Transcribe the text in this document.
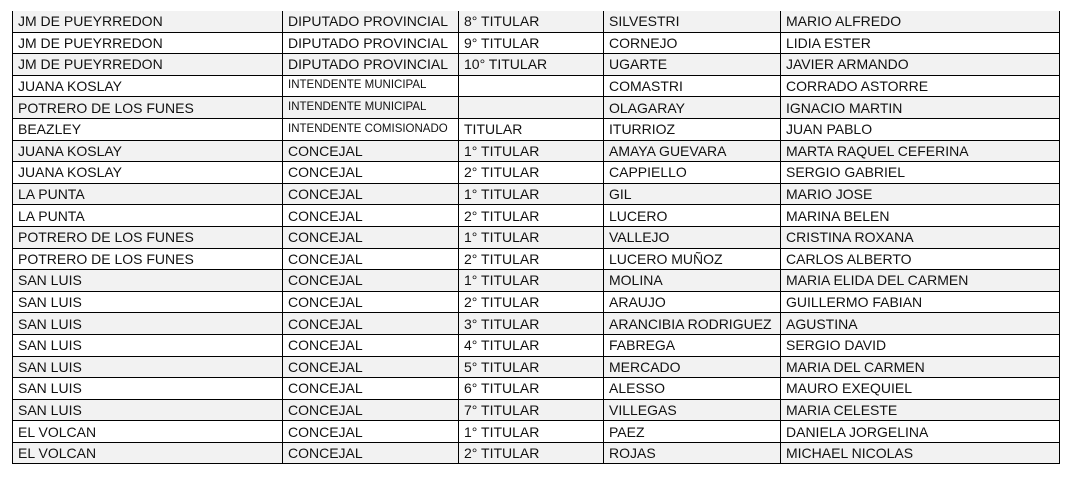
JM DE PUEYRREDON	DIPUTADO PROVINCIAL	8° TITULAR	SILVESTRI	MARIO ALFREDO
JM DE PUEYRREDON	DIPUTADO PROVINCIAL	9° TITULAR	CORNEJO	LIDIA ESTER
JM DE PUEYRREDON	DIPUTADO PROVINCIAL	10° TITULAR	UGARTE	JAVIER ARMANDO
JUANA KOSLAY	INTENDENTE MUNICIPAL		COMASTRI	CORRADO ASTORRE
POTRERO DE LOS FUNES	INTENDENTE MUNICIPAL		OLAGARAY	IGNACIO MARTIN
BEAZLEY	INTENDENTE COMISIONADO	TITULAR	ITURRIOZ	JUAN PABLO
JUANA KOSLAY	CONCEJAL	1° TITULAR	AMAYA GUEVARA	MARTA RAQUEL CEFERINA
JUANA KOSLAY	CONCEJAL	2° TITULAR	CAPPIELLO	SERGIO GABRIEL
LA PUNTA	CONCEJAL	1° TITULAR	GIL	MARIO JOSE
LA PUNTA	CONCEJAL	2° TITULAR	LUCERO	MARINA BELEN
POTRERO DE LOS FUNES	CONCEJAL	1° TITULAR	VALLEJO	CRISTINA ROXANA
POTRERO DE LOS FUNES	CONCEJAL	2° TITULAR	LUCERO MUÑOZ	CARLOS ALBERTO
SAN LUIS	CONCEJAL	1° TITULAR	MOLINA	MARIA ELIDA DEL CARMEN
SAN LUIS	CONCEJAL	2° TITULAR	ARAUJO	GUILLERMO FABIAN
SAN LUIS	CONCEJAL	3° TITULAR	ARANCIBIA RODRIGUEZ	AGUSTINA
SAN LUIS	CONCEJAL	4° TITULAR	FABREGA	SERGIO DAVID
SAN LUIS	CONCEJAL	5° TITULAR	MERCADO	MARIA DEL CARMEN
SAN LUIS	CONCEJAL	6° TITULAR	ALESSO	MAURO EXEQUIEL
SAN LUIS	CONCEJAL	7° TITULAR	VILLEGAS	MARIA CELESTE
EL VOLCAN	CONCEJAL	1° TITULAR	PAEZ	DANIELA JORGELINA
EL VOLCAN	CONCEJAL	2° TITULAR	ROJAS	MICHAEL NICOLAS
